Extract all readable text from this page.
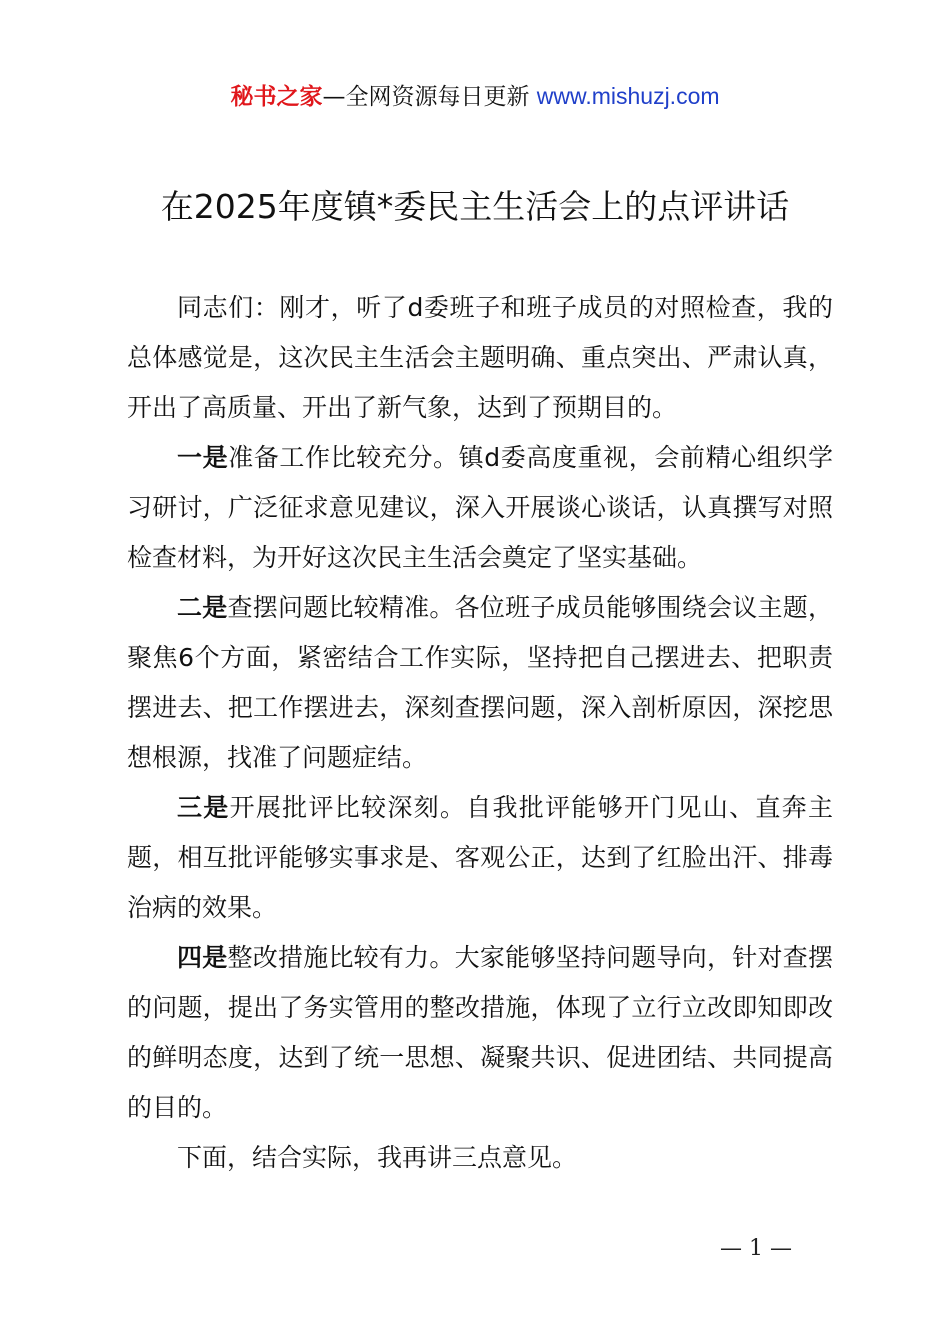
秘书之家—全网资源每日更新 www.mishuzj.com
在2025年度镇*委民主生活会上的点评讲话

同志们：刚才，听了d委班子和班子成员的对照检查，我的总体感觉是，这次民主生活会主题明确、重点突出、严肃认真，开出了高质量、开出了新气象，达到了预期目的。

一是准备工作比较充分。镇d委高度重视，会前精心组织学习研讨，广泛征求意见建议，深入开展谈心谈话，认真撰写对照检查材料，为开好这次民主生活会奠定了坚实基础。

二是查摆问题比较精准。各位班子成员能够围绕会议主题，聚焦6个方面，紧密结合工作实际，坚持把自己摆进去、把职责摆进去、把工作摆进去，深刻查摆问题，深入剖析原因，深挖思想根源，找准了问题症结。

三是开展批评比较深刻。自我批评能够开门见山、直奔主题，相互批评能够实事求是、客观公正，达到了红脸出汗、排毒治病的效果。

四是整改措施比较有力。大家能够坚持问题导向，针对查摆的问题，提出了务实管用的整改措施，体现了立行立改即知即改的鲜明态度，达到了统一思想、凝聚共识、促进团结、共同提高的目的。

下面，结合实际，我再讲三点意见。

— 1 —
